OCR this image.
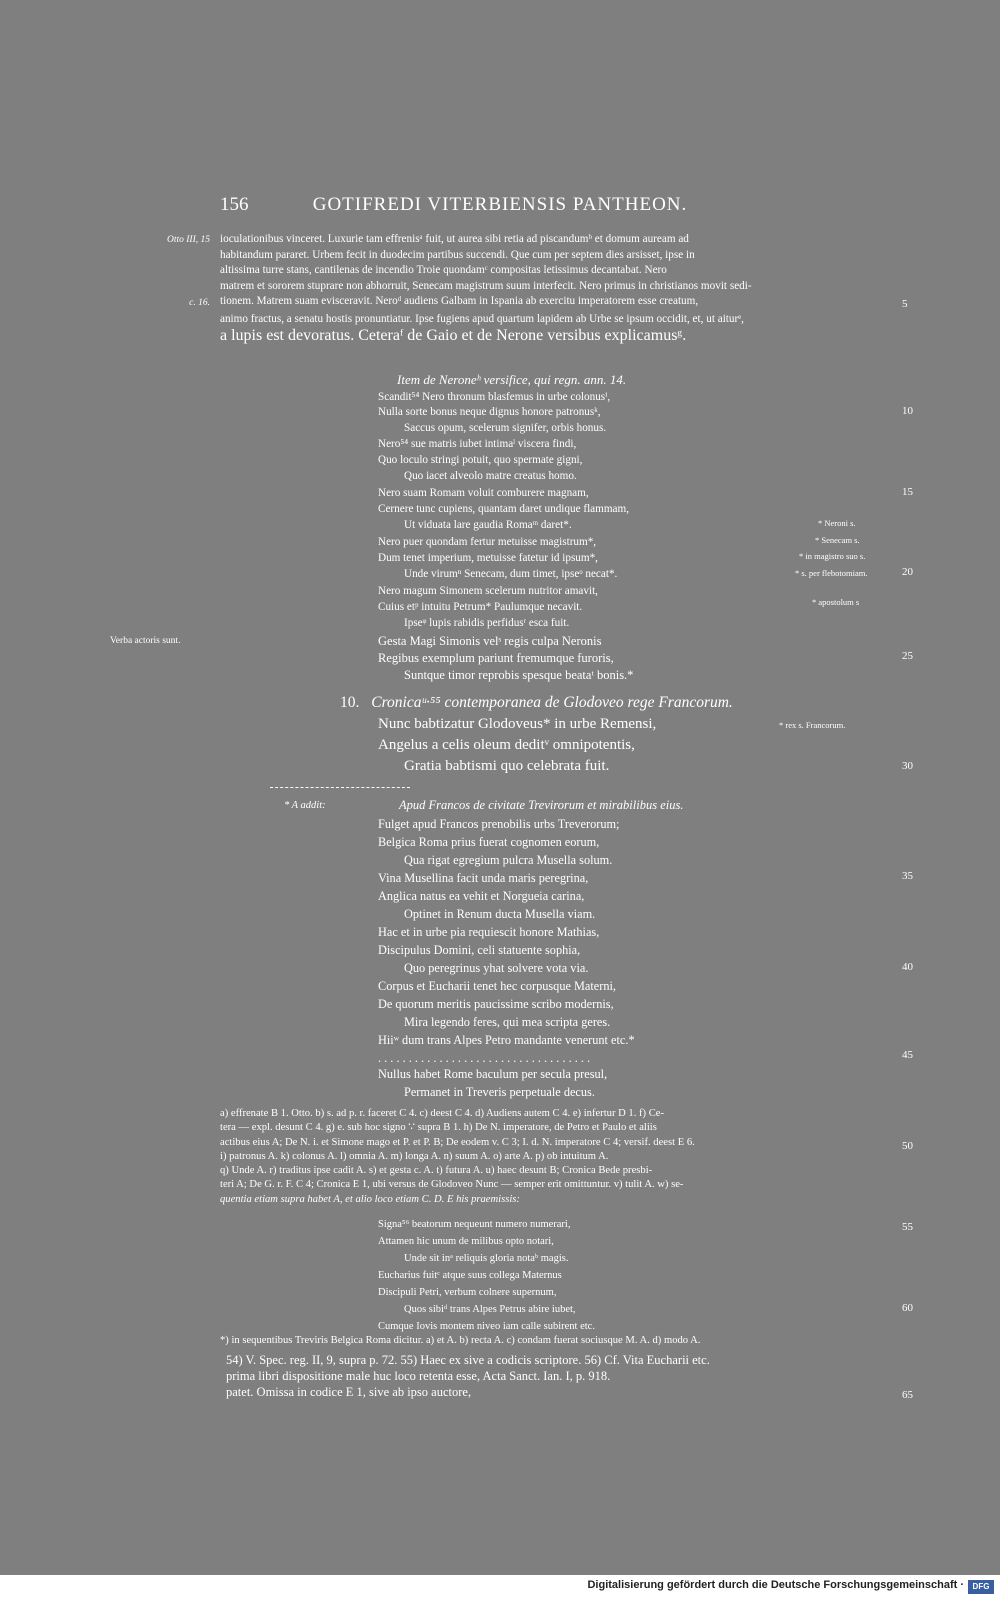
156	GOTIFREDI VITERBIENSIS PANTHEON.
Otto III, 15
c. 16.

ioculationibus vinceret. Luxurie tam effrenisᵃ fuit, ut aurea sibi retia ad piscandumᵇ et domum auream ad

habitandum pararet. Urbem fecit in duodecim partibus succendi. Que cum per septem dies arsisset, ipse in

altissima turre stans, cantilenas de incendio Troie quondamᶜ compositas letissimus decantabat. Nero

matrem et sororem stuprare non abhorruit, Senecam magistrum suum interfecit. Nero primus in christianos movit sedi-

tionem. Matrem suam evisceravit. Neroᵈ audiens Galbam in Ispania ab exercitu imperatorem esse creatum,

animo fractus, a senatu hostis pronuntiatur. Ipse fugiens apud quartum lapidem ab Urbe se ipsum occidit, et, ut aiturᵉ,

a lupis est devoratus. Ceteraᶠ de Gaio et de Nerone versibus explicamusᵍ.

5
10
15
20
25
30
35
40
45
50
55
60
65
Item de Neroneʰ versifice, qui regn. ann. 14.
Scandit⁵⁴ Nero thronum blasfemus in urbe colonusⁱ,
Nulla sorte bonus neque dignus honore patronusᵏ,
Saccus opum, scelerum signifer, orbis honus.
Nero⁵⁴ sue matris iubet intimaˡ viscera findi,
Quo loculo stringi potuit, quo spermate gigni,
Quo iacet alveolo matre creatus homo.
Nero suam Romam voluit comburere magnam,
Cernere tunc cupiens, quantam daret undique flammam,
Ut viduata lare gaudia Romaᵐ daret*.
Nero puer quondam fertur metuisse magistrum*,
Dum tenet imperium, metuisse fatetur id ipsum*,
Unde virumⁿ Senecam, dum timet, ipseᵒ necat*.
Nero magum Simonem scelerum nutritor amavit,
Cuius etᵖ intuitu Petrum* Paulumque necavit.
Ipseᵠ lupis rabidis perfidusʳ esca fuit.
Gesta Magi Simonis velˢ regis culpa Neronis
Regibus exemplum pariunt fremumque furoris,
Suntque timor reprobis spesque beataᵗ bonis.*
* Neroni s.
* Senecam s.
* in magistro suo s.
* s. per flebotomiam.
* apostolum s
* rex s. Francorum.
Verba actoris sunt.
10. Cronicaᵘ·⁵⁵ contemporanea de Glodoveo rege Francorum.
Nunc babtizatur Glodoveus* in urbe Remensi,
Angelus a celis oleum deditᵛ omnipotentis,
Gratia babtismi quo celebrata fuit.
* A addit:	Apud Francos de civitate Trevirorum et mirabilibus eius.
Fulget apud Francos prenobilis urbs Treverorum;
Belgica Roma prius fuerat cognomen eorum,
Qua rigat egregium pulcra Musella solum.
Vina Musellina facit unda maris peregrina,
Anglica natus ea vehit et Norgueia carina,
Optinet in Renum ducta Musella viam.
Hac et in urbe pia requiescit honore Mathias,
Discipulus Domini, celi statuente sophia,
Quo peregrinus yhat solvere vota via.
Corpus et Eucharii tenet hec corpusque Materni,
De quorum meritis paucissime scribo modernis,
Mira legendo feres, qui mea scripta geres.
Hiiʷ dum trans Alpes Petro mandante venerunt etc.*
. . . . . . . . . . . . . . . . . . . . . . . . . . . . . . . . . . .
Nullus habet Rome baculum per secula presul,
Permanet in Treveris perpetuale decus.

a) effrenate B 1. Otto. b) s. ad p. r. faceret C 4. c) deest C 4. d) Audiens autem C 4. e) infertur D 1. f) Ce-

tera — expl. desunt C 4. g) e. sub hoc signo ∵ supra B 1. h) De N. imperatore, de Petro et Paulo et aliis

actibus eius A; De N. i. et Simone mago et P. et P. B; De eodem v. C 3; I. d. N. imperatore C 4; versif. deest E 6.

i) patronus A. k) colonus A. l) omnia A. m) longa A. n) suum A. o) arte A. p) ob intuitum A.

q) Unde A. r) traditus ipse cadit A. s) et gesta c. A. t) futura A. u) haec desunt B; Cronica Bede presbi-

teri A; De G. r. F. C 4; Cronica E 1, ubi versus de Glodoveo Nunc — semper erit omittuntur. v) tulit A. w) se-

quentia etiam supra habet A, et alio loco etiam C. D. E his praemissis:

Signa⁵⁶ beatorum nequeunt numero numerari,
Attamen hic unum de milibus opto notari,
Unde sit inᵃ reliquis gloria notaᵇ magis.
Eucharius fuitᶜ atque suus collega Maternus
Discipuli Petri, verbum colnere supernum,
Quos sibiᵈ trans Alpes Petrus abire iubet,
Cumque Iovis montem niveo iam calle subirent etc.

*) in sequentibus Treviris Belgica Roma dicitur. a) et A. b) recta A. c) condam fuerat sociusque M. A. d) modo A.

54) V. Spec. reg. II, 9, supra p. 72. 55) Haec ex sive a codicis scriptore. 56) Cf. Vita Eucharii etc.
prima libri dispositione male huc loco retenta esse, Acta Sanct. Ian. I, p. 918.
patet. Omissa in codice E 1, sive ab ipso auctore,
Digitalisierung gefördert durch die Deutsche Forschungsgemeinschaft ·	DFG
